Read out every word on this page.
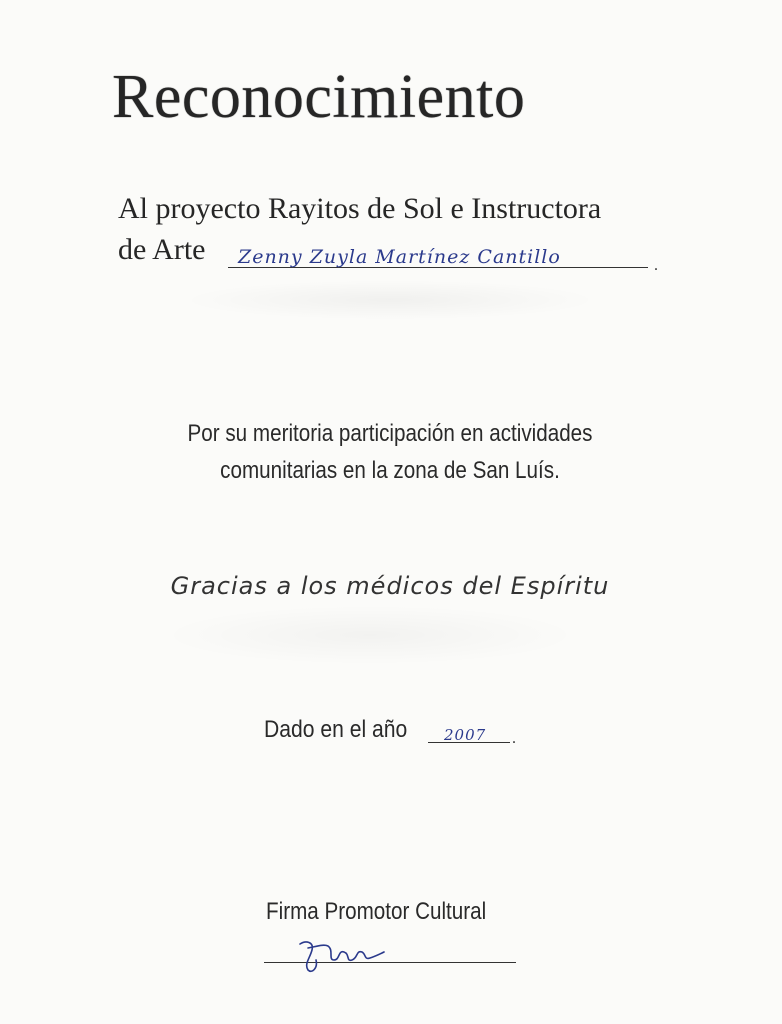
Reconocimiento
Al proyecto Rayitos de Sol e Instructora
de Arte Zenny Zuyla Martínez Cantillo	.
Por su meritoria participación en actividades
comunitarias en la zona de San Luís.
Gracias a los médicos del Espíritu
Dado en el año 2007 .
Firma Promotor Cultural
